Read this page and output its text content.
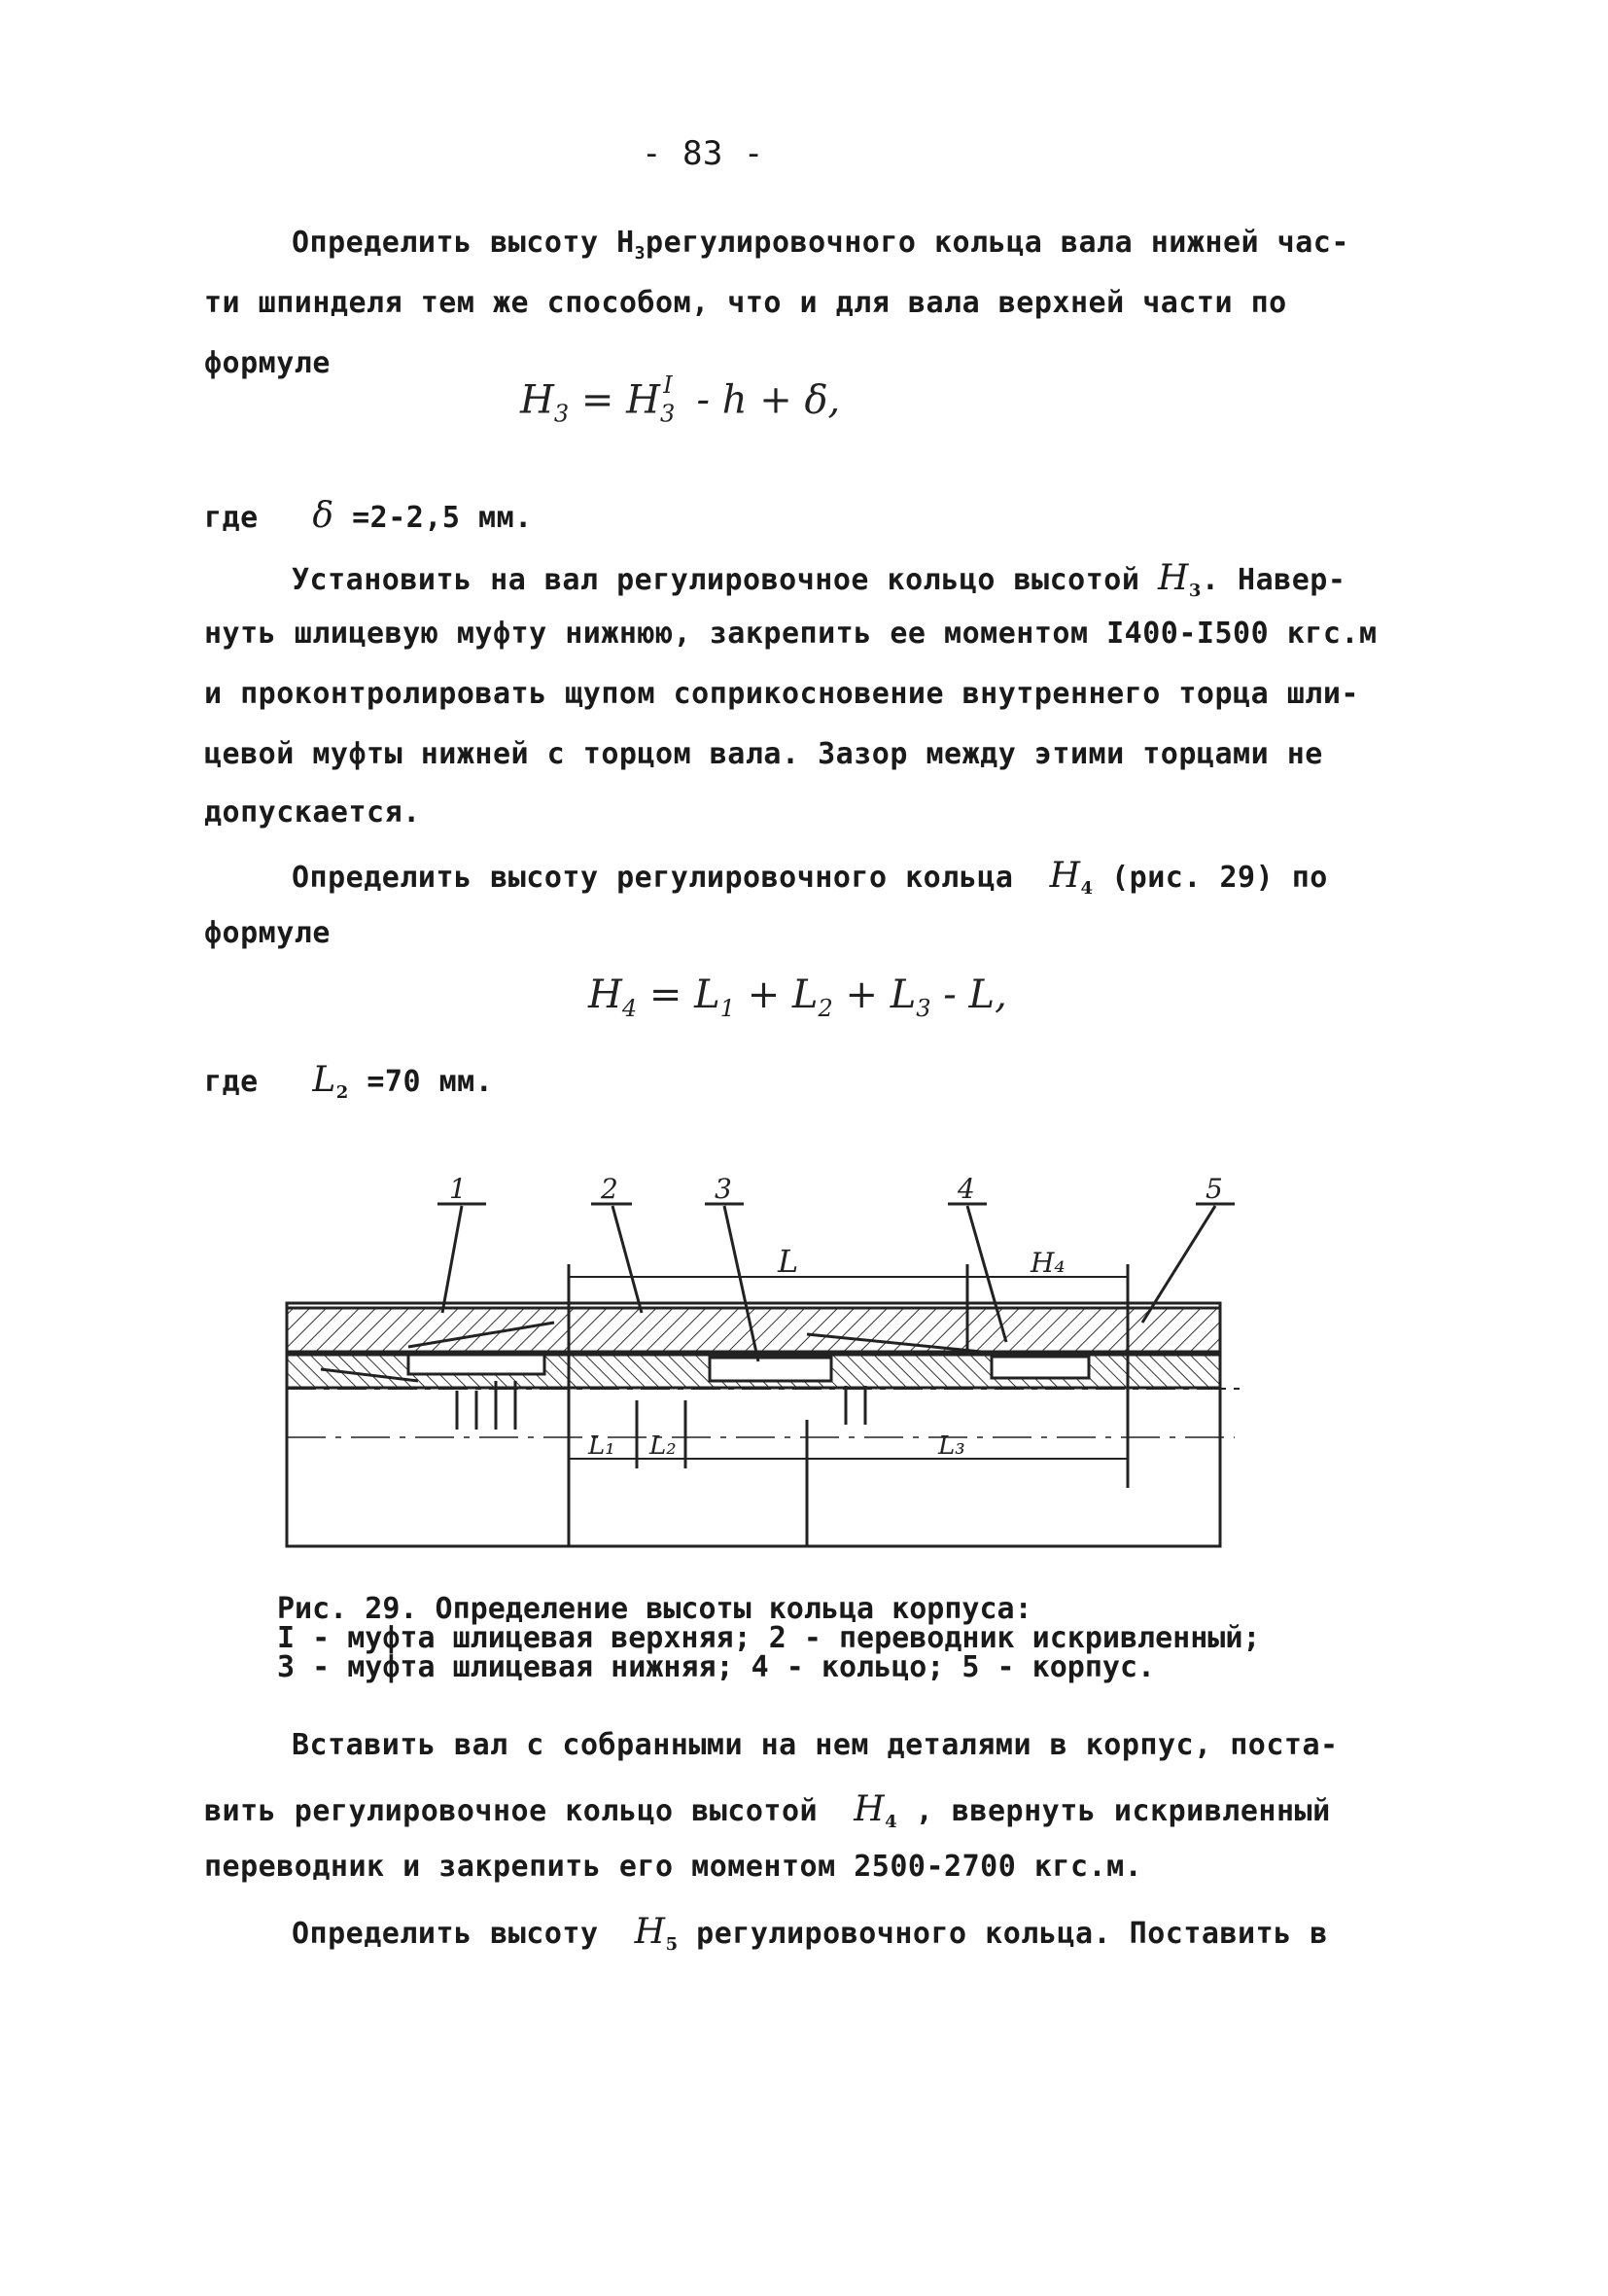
- 83 -
Определить высоту $Н_3регулировочного$ кольца вала нижней час-
ти шпинделя тем же способом, что и для вала верхней части по
формуле
$H_3 = H_3^I - h + \delta$,
где δ =2-2,5 мм.
Установить на вал регулировочное кольцо высотой $H_3$. Навер-
нуть шлицевую муфту нижнюю, закрепить ее моментом I400-I500 кгс.м
и проконтролировать щупом соприкосновение внутреннего торца шли-
цевой муфты нижней с торцом вала. Зазор между этими торцами не
допускается.
Определить высоту регулировочного кольца $H_4$ (рис. 29) по
формуле
$H_4 = L_1 + L_2 + L_3 - L$,
где $L_2 =70$ мм.
1	2	3	4	5
L	H₄
L₁ L₂	L₃
Рис. 29. Определение высоты кольца корпуса:
I - муфта шлицевая верхняя; 2 - переводник искривленный;
3 - муфта шлицевая нижняя; 4 - кольцо; 5 - корпус.
Вставить вал с собранными на нем деталями в корпус, поста-
вить регулировочное кольцо высотой $H_4$ , ввернуть искривленный
переводник и закрепить его моментом 2500-2700 кгс.м.
Определить высоту $H_5$ регулировочного кольца. Поставить в
